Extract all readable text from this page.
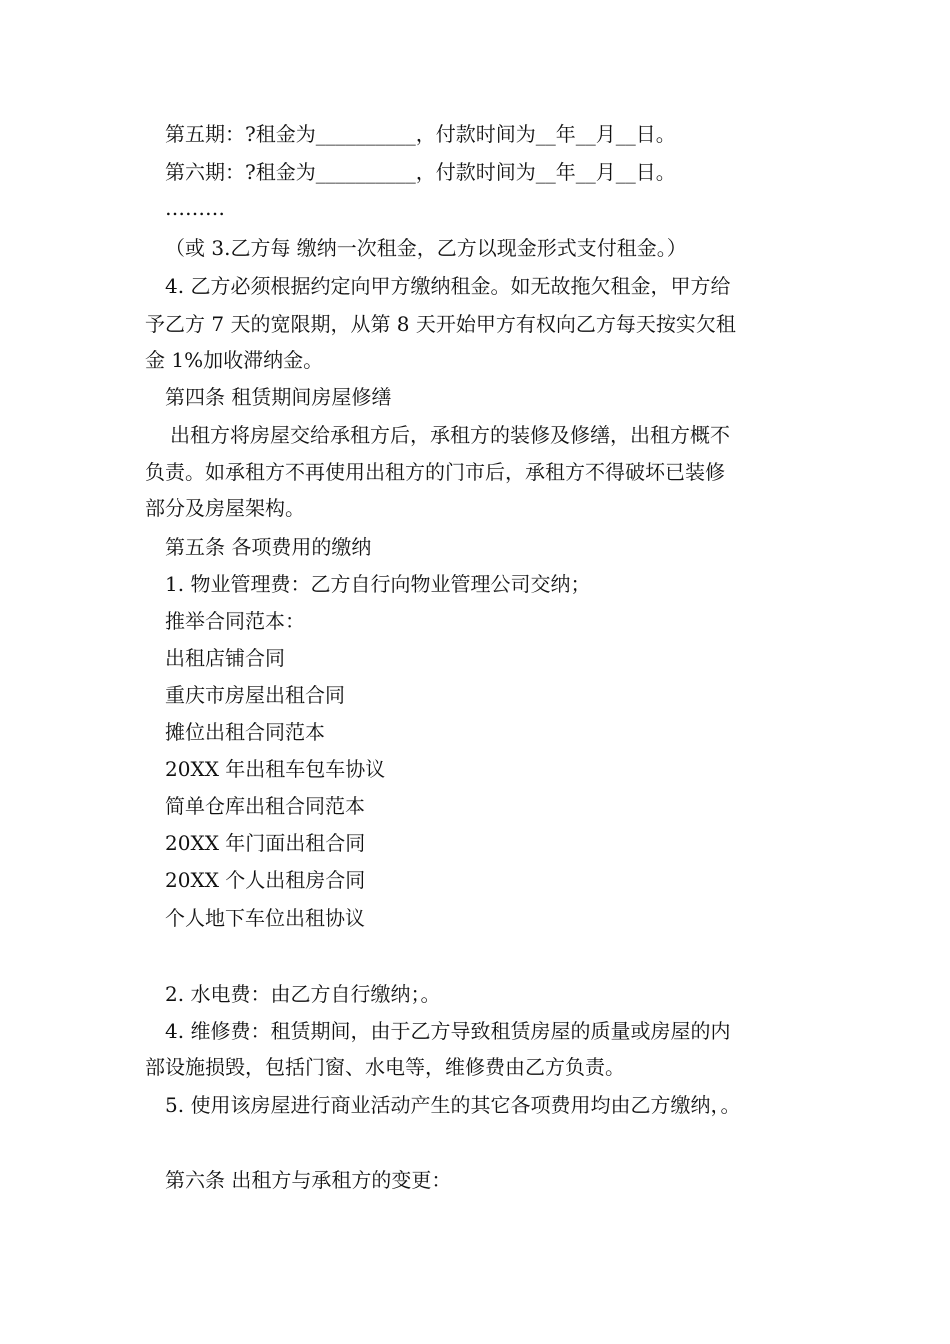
第五期：?租金为__________，付款时间为__年__月__日。
第六期：?租金为__________，付款时间为__年__月__日。
………
（或 3.乙方每 缴纳一次租金，乙方以现金形式支付租金。）
4. 乙方必须根据约定向甲方缴纳租金。如无故拖欠租金，甲方给
予乙方 7 天的宽限期，从第 8 天开始甲方有权向乙方每天按实欠租
金 1%加收滞纳金。
第四条 租赁期间房屋修缮
出租方将房屋交给承租方后，承租方的装修及修缮，出租方概不
负责。如承租方不再使用出租方的门市后，承租方不得破坏已装修
部分及房屋架构。
第五条 各项费用的缴纳
1. 物业管理费：乙方自行向物业管理公司交纳；
推举合同范本：
出租店铺合同
重庆市房屋出租合同
摊位出租合同范本
20XX 年出租车包车协议
简单仓库出租合同范本
20XX 年门面出租合同
20XX 个人出租房合同
个人地下车位出租协议
2. 水电费：由乙方自行缴纳；。
4. 维修费：租赁期间，由于乙方导致租赁房屋的质量或房屋的内
部设施损毁，包括门窗、水电等，维修费由乙方负责。
5. 使用该房屋进行商业活动产生的其它各项费用均由乙方缴纳，。
第六条 出租方与承租方的变更：
